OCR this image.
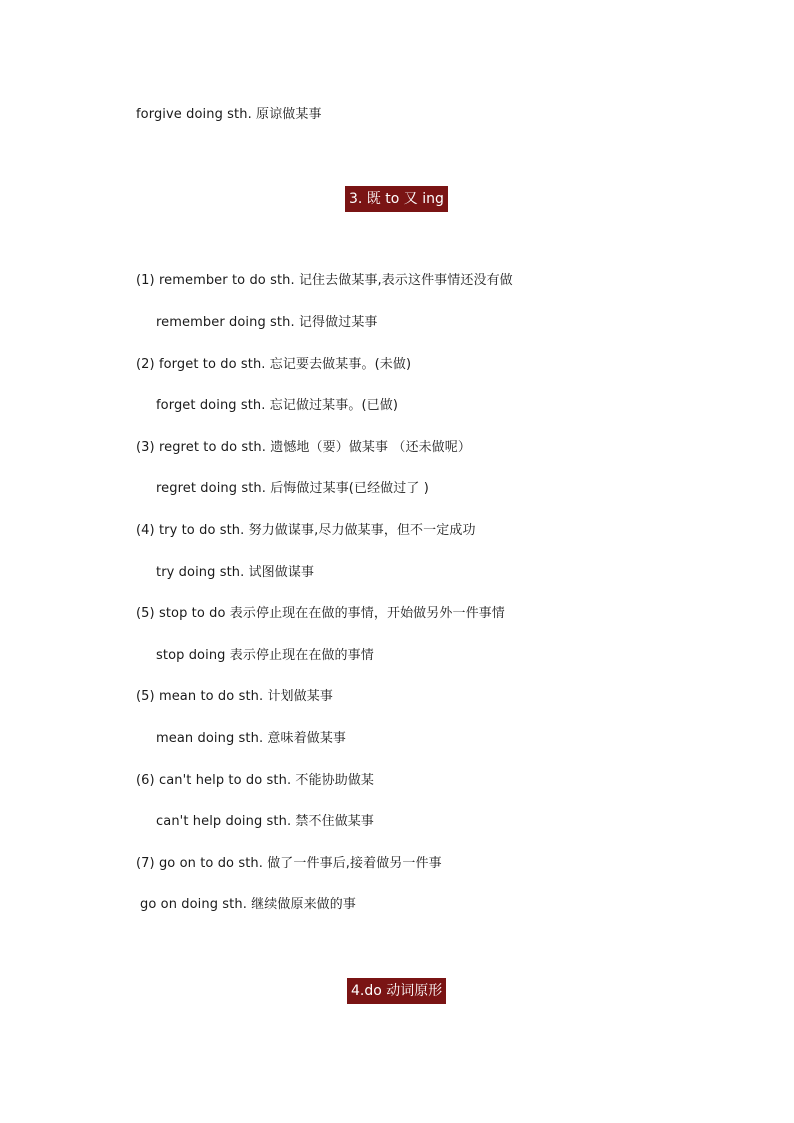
forgive doing sth. 原谅做某事
3. 既 to 又 ing
(1) remember to do sth. 记住去做某事,表示这件事情还没有做
remember doing sth. 记得做过某事
(2) forget to do sth. 忘记要去做某事。(未做)
forget doing sth. 忘记做过某事。(已做)
(3) regret to do sth. 遗憾地（要）做某事 （还未做呢）
regret doing sth. 后悔做过某事(已经做过了 )
(4) try to do sth. 努力做谋事,尽力做某事，但不一定成功
try doing sth. 试图做谋事
(5) stop to do 表示停止现在在做的事情，开始做另外一件事情
stop doing 表示停止现在在做的事情
(5) mean to do sth. 计划做某事
mean doing sth. 意味着做某事
(6) can't help to do sth. 不能协助做某
can't help doing sth. 禁不住做某事
(7) go on to do sth. 做了一件事后,接着做另一件事
go on doing sth. 继续做原来做的事
4.do 动词原形
